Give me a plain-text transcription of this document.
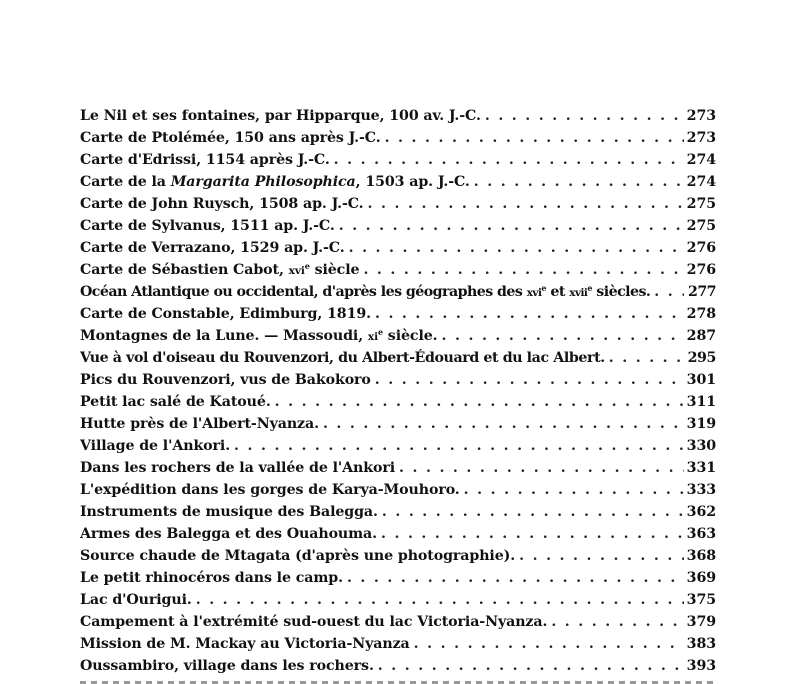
Le Nil et ses fontaines, par Hipparque, 100 av. J.-C. . . .	273
Carte de Ptolémée, 150 ans après J.-C. . . .	273
Carte d'Edrissi, 1154 après J.-C. . . .	274
Carte de la Margarita Philosophica, 1503 ap. J.-C. . . .	274
Carte de John Ruysch, 1508 ap. J.-C. . . .	275
Carte de Sylvanus, 1511 ap. J.-C. . . .	275
Carte de Verrazano, 1529 ap. J.-C. . . .	276
Carte de Sébastien Cabot, xvi$^e$ siècle . . .	276
Océan Atlantique ou occidental, d'après les géographes des xvi$^e$ et xvii$^e$ siècles. . . .	277
Carte de Constable, Edimburg, 1819. . . .	278
Montagnes de la Lune. — Massoudi, $xi^e$ siècle. . . .	287
Vue à vol d'oiseau du Rouvenzori, du Albert-Édouard et du lac Albert. . . .	295
Pics du Rouvenzori, vus de Bakokoro . . .	301
Petit lac salé de Katoué. . . .	311
Hutte près de l'Albert-Nyanza. . . .	319
Village de l'Ankori. . . .	330
Dans les rochers de la vallée de l'Ankori . . .	331
L'expédition dans les gorges de Karya-Mouhoro. . . .	333
Instruments de musique des Balegga. . . .	362
Armes des Balegga et des Ouahouma. . . .	363
Source chaude de Mtagata (d'après une photographie). . . .	368
Le petit rhinocéros dans le camp. . . .	369
Lac d'Ourigui. . . .	375
Campement à l'extrémité sud-ouest du lac Victoria-Nyanza. . . .	379
Mission de M. Mackay au Victoria-Nyanza . . .	383
Oussambiro, village dans les rochers. . . .	393
